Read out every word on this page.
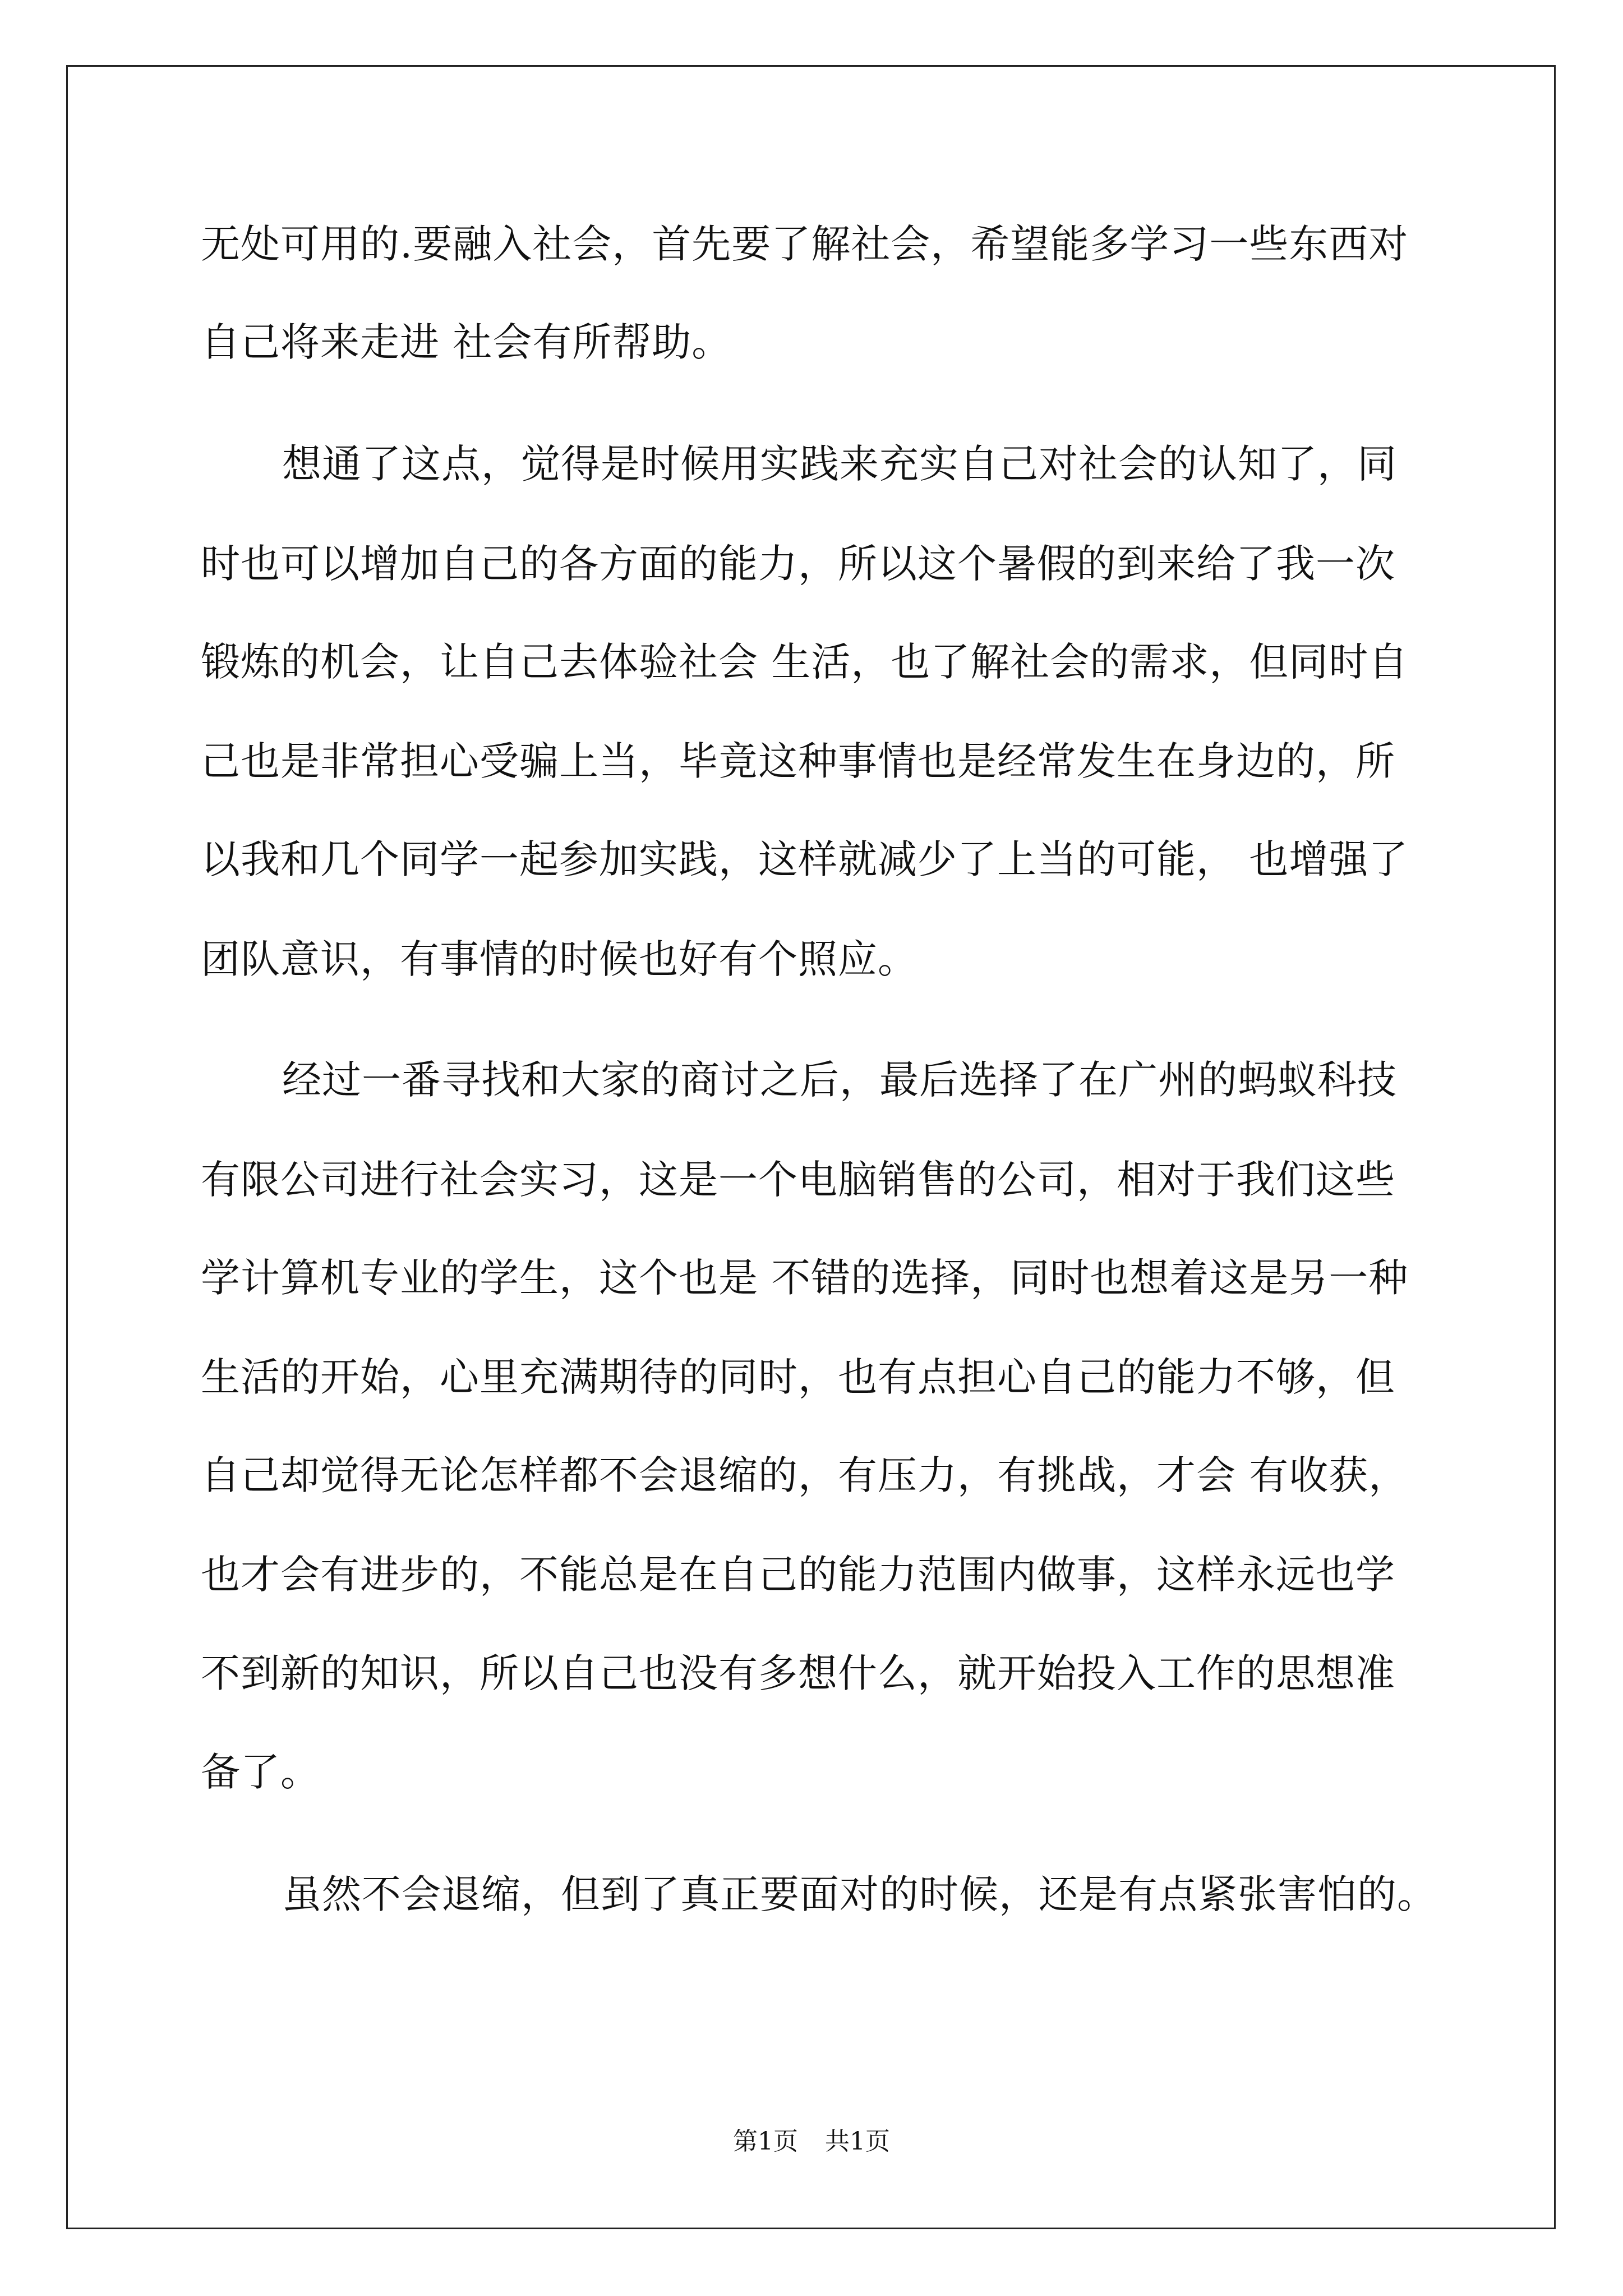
无处可用的.要融入社会，首先要了解社会，希望能多学习一些东西对
自己将来走进 社会有所帮助。
想通了这点，觉得是时候用实践来充实自己对社会的认知了，同
时也可以增加自己的各方面的能力，所以这个暑假的到来给了我一次
锻炼的机会，让自己去体验社会 生活，也了解社会的需求，但同时自
己也是非常担心受骗上当，毕竟这种事情也是经常发生在身边的，所
以我和几个同学一起参加实践，这样就减少了上当的可能， 也增强了
团队意识，有事情的时候也好有个照应。
经过一番寻找和大家的商讨之后，最后选择了在广州的蚂蚁科技
有限公司进行社会实习，这是一个电脑销售的公司，相对于我们这些
学计算机专业的学生，这个也是 不错的选择，同时也想着这是另一种
生活的开始，心里充满期待的同时，也有点担心自己的能力不够，但
自己却觉得无论怎样都不会退缩的，有压力，有挑战，才会 有收获，
也才会有进步的，不能总是在自己的能力范围内做事，这样永远也学
不到新的知识，所以自己也没有多想什么，就开始投入工作的思想准
备了。
虽然不会退缩，但到了真正要面对的时候，还是有点紧张害怕的。
第1页 共1页
